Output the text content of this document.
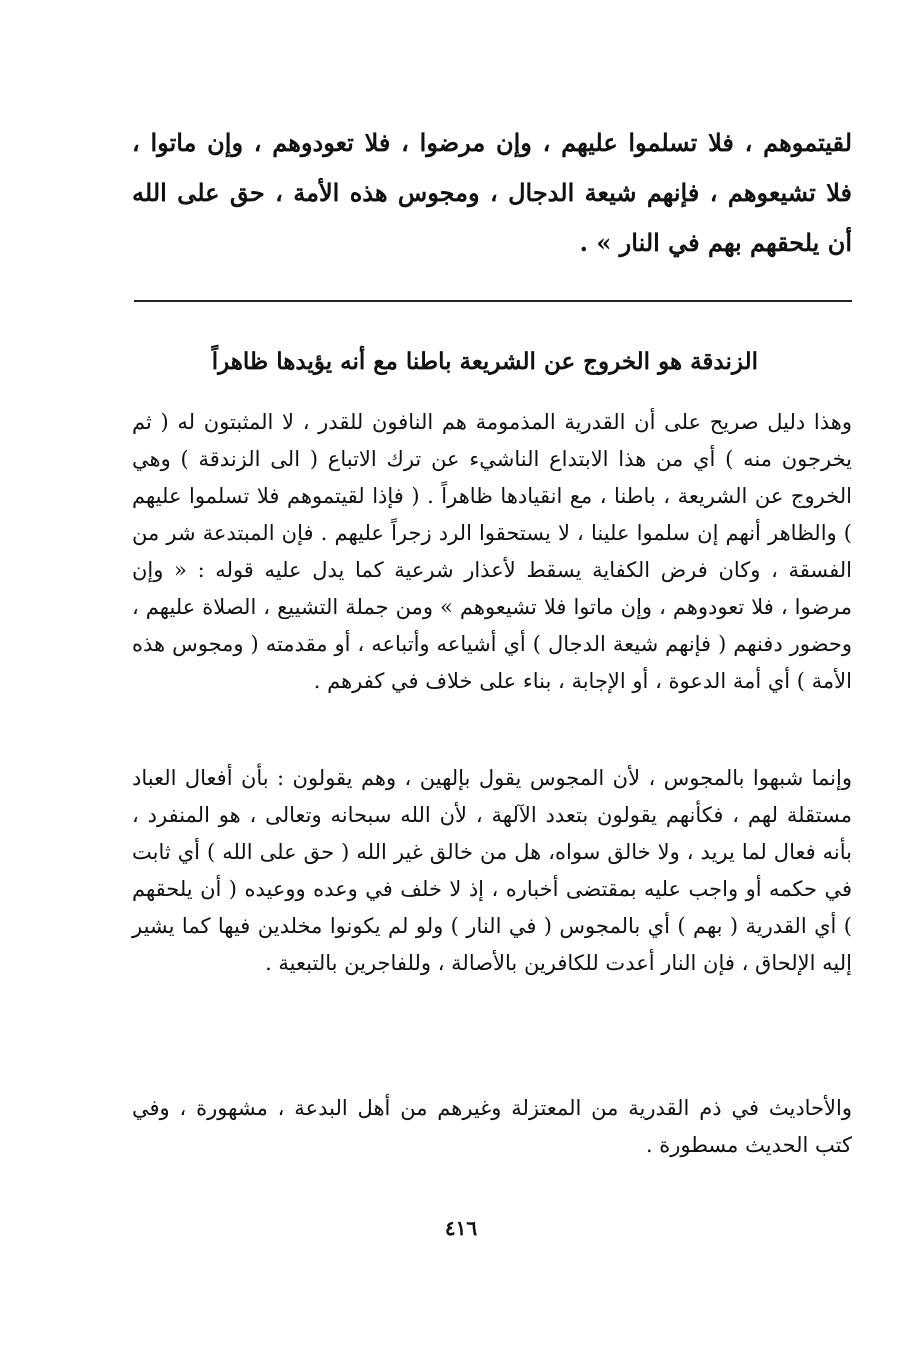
لقيتموهم ، فلا تسلموا عليهم ، وإن مرضوا ، فلا تعودوهم ، وإن ماتوا ، فلا تشيعوهم ، فإنهم شيعة الدجال ، ومجوس هذه الأمة ، حق على الله أن يلحقهم بهم في النار » .

الزندقة هو الخروج عن الشريعة باطنا مع أنه يؤيدها ظاهراً

وهذا دليل صريح على أن القدرية المذمومة هم النافون للقدر ، لا المثبتون له ( ثم يخرجون منه ) أي من هذا الابتداع الناشيء عن ترك الاتباع ( الى الزندقة ) وهي الخروج عن الشريعة ، باطنا ، مع انقيادها ظاهراً . ( فإذا لقيتموهم فلا تسلموا عليهم ) والظاهر أنهم إن سلموا علينا ، لا يستحقوا الرد زجراً عليهم . فإن المبتدعة شر من الفسقة ، وكان فرض الكفاية يسقط لأعذار شرعية كما يدل عليه قوله : « وإن مرضوا ، فلا تعودوهم ، وإن ماتوا فلا تشيعوهم » ومن جملة التشييع ، الصلاة عليهم ، وحضور دفنهم ( فإنهم شيعة الدجال ) أي أشياعه وأتباعه ، أو مقدمته ( ومجوس هذه الأمة ) أي أمة الدعوة ، أو الإجابة ، بناء على خلاف في كفرهم .

وإنما شبهوا بالمجوس ، لأن المجوس يقول بإلهين ، وهم يقولون : بأن أفعال العباد مستقلة لهم ، فكأنهم يقولون بتعدد الآلهة ، لأن الله سبحانه وتعالى ، هو المنفرد ، بأنه فعال لما يريد ، ولا خالق سواه، هل من خالق غير الله ( حق على الله ) أي ثابت في حكمه أو واجب عليه بمقتضى أخباره ، إذ لا خلف في وعده ووعيده ( أن يلحقهم ) أي القدرية ( بهم ) أي بالمجوس ( في النار ) ولو لم يكونوا مخلدين فيها كما يشير إليه الإلحاق ، فإن النار أعدت للكافرين بالأصالة ، وللفاجرين بالتبعية .

والأحاديث في ذم القدرية من المعتزلة وغيرهم من أهل البدعة ، مشهورة ، وفي كتب الحديث مسطورة .

٤١٦
